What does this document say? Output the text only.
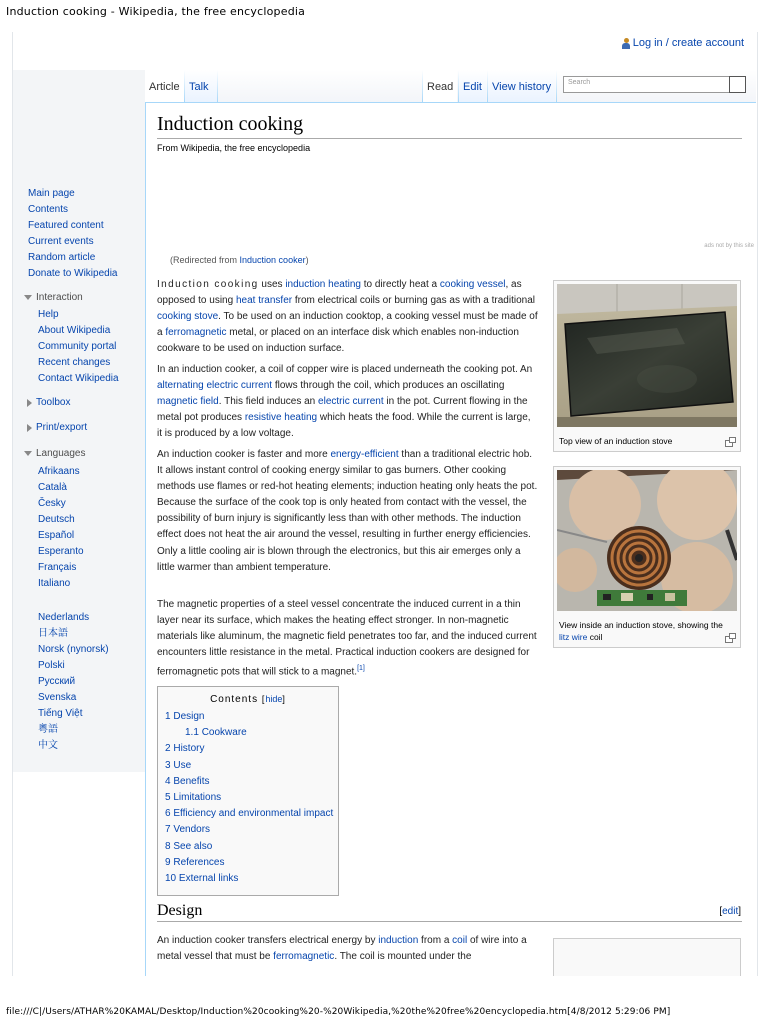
Induction cooking - Wikipedia, the free encyclopedia
Log in / create account
Article Talk	Read Edit View history	Search
Induction cooking
From Wikipedia, the free encyclopedia
ads not by this site
(Redirected from Induction cooker)
Main page
Contents
Featured content
Current events
Random article
Donate to Wikipedia
Interaction
Help
About Wikipedia
Community portal
Recent changes
Contact Wikipedia
Toolbox
Print/export
Languages
Afrikaans
Català
Česky
Deutsch
Español
Esperanto
Français
Italiano
Nederlands
日本語
Norsk (nynorsk)
Polski
Русский
Svenska
Tiếng Việt
粵語
中文

Induction cooking uses induction heating to directly heat a cooking vessel, as opposed to using heat transfer from electrical coils or burning gas as with a traditional cooking stove. To be used on an induction cooktop, a cooking vessel must be made of a ferromagnetic metal, or placed on an interface disk which enables non-induction cookware to be used on induction surface.

In an induction cooker, a coil of copper wire is placed underneath the cooking pot. An alternating electric current flows through the coil, which produces an oscillating magnetic field. This field induces an electric current in the pot. Current flowing in the metal pot produces resistive heating which heats the food. While the current is large, it is produced by a low voltage.

An induction cooker is faster and more energy-efficient than a traditional electric hob. It allows instant control of cooking energy similar to gas burners. Other cooking methods use flames or red-hot heating elements; induction heating only heats the pot. Because the surface of the cook top is only heated from contact with the vessel, the possibility of burn injury is significantly less than with other methods. The induction effect does not heat the air around the vessel, resulting in further energy efficiencies. Only a little cooling air is blown through the electronics, but this air emerges only a little warmer than ambient temperature.

The magnetic properties of a steel vessel concentrate the induced current in a thin layer near its surface, which makes the heating effect stronger. In non-magnetic materials like aluminum, the magnetic field penetrates too far, and the induced current encounters little resistance in the metal. Practical induction cookers are designed for ferromagnetic pots that will stick to a magnet.[1]

Top view of an induction stove
View inside an induction stove, showing the litz wire coil
Contents [hide]
1 Design
1.1 Cookware
2 History
3 Use
4 Benefits
5 Limitations
6 Efficiency and environmental impact
7 Vendors
8 See also
9 References
10 External links
Design	[edit]

An induction cooker transfers electrical energy by induction from a coil of wire into a metal vessel that must be ferromagnetic. The coil is mounted under the

file:///C|/Users/ATHAR%20KAMAL/Desktop/Induction%20cooking%20-%20Wikipedia,%20the%20free%20encyclopedia.htm[4/8/2012 5:29:06 PM]
